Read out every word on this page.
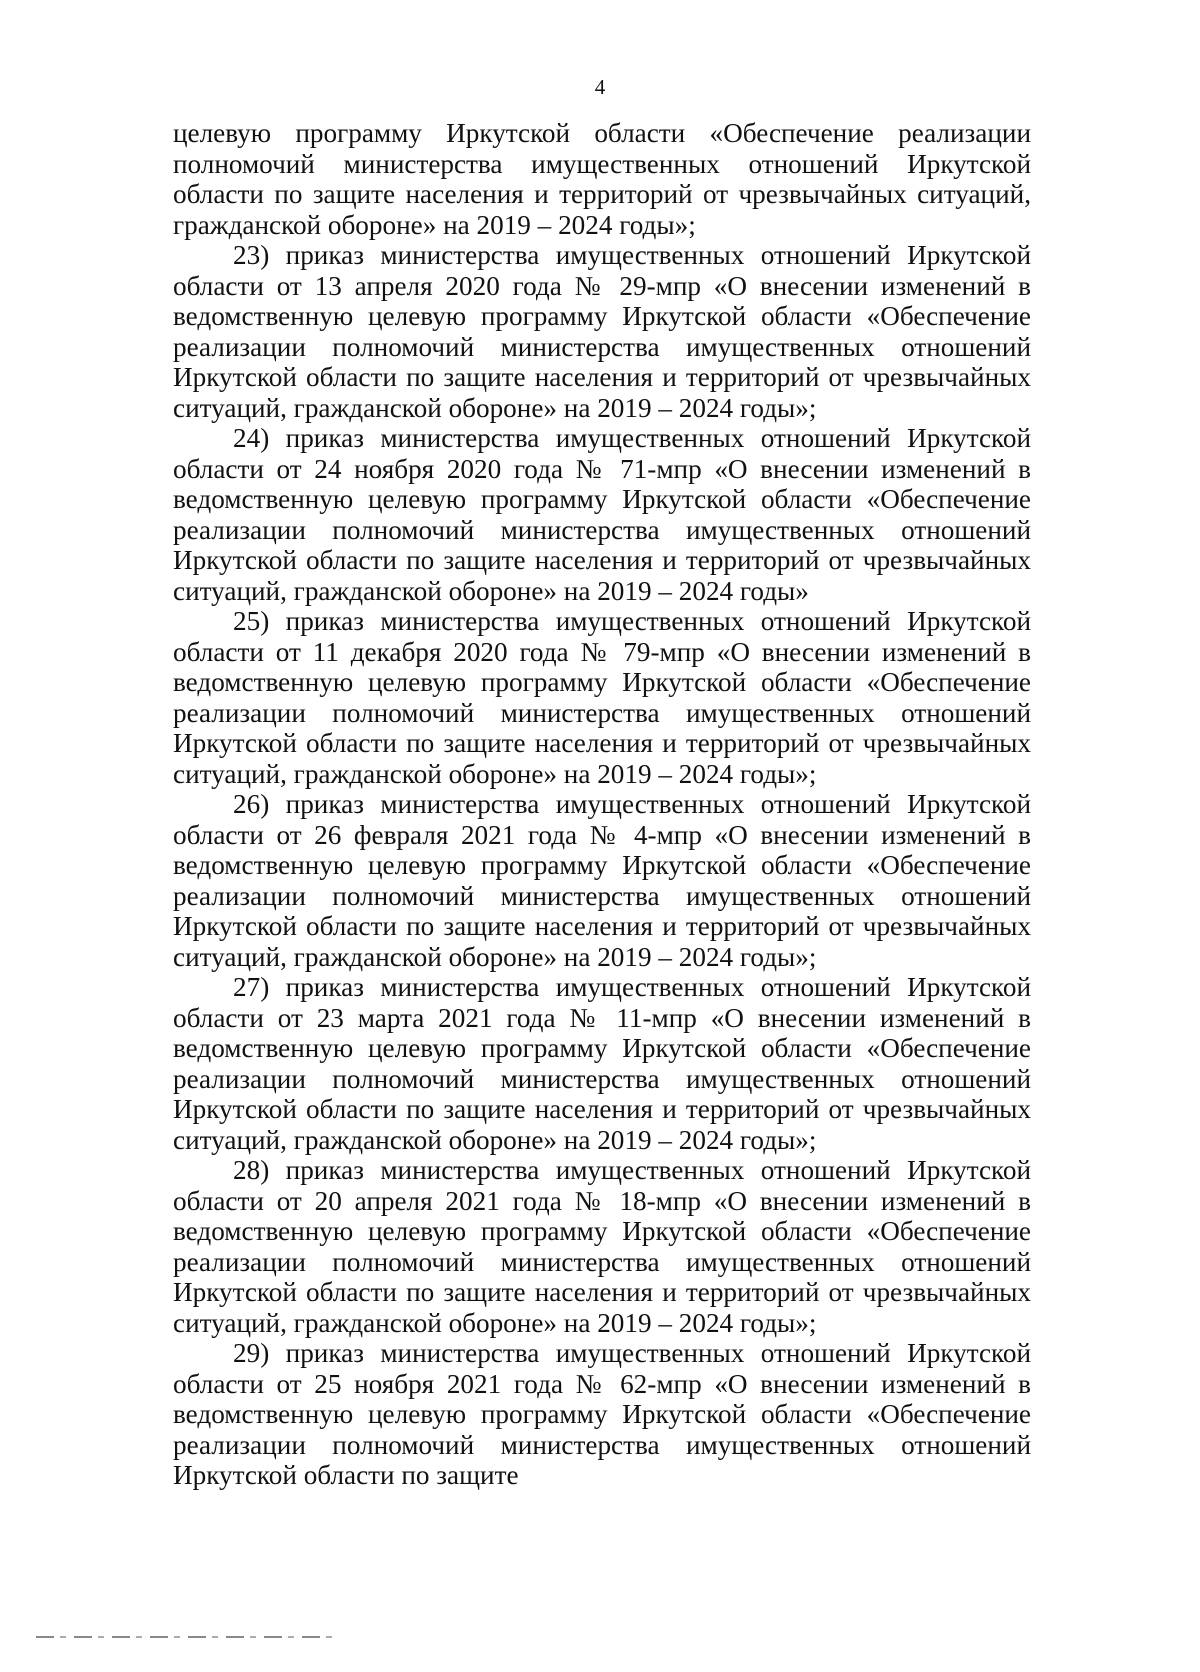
4

целевую программу Иркутской области «Обеспечение реализации полномочий министерства имущественных отношений Иркутской области по защите населения и территорий от чрезвычайных ситуаций, гражданской обороне» на 2019 – 2024 годы»;

23) приказ министерства имущественных отношений Иркутской области от 13 апреля 2020 года № 29-мпр «О внесении изменений в ведомственную целевую программу Иркутской области «Обеспечение реализации полномочий министерства имущественных отношений Иркутской области по защите населения и территорий от чрезвычайных ситуаций, гражданской обороне» на 2019 – 2024 годы»;

24) приказ министерства имущественных отношений Иркутской области от 24 ноября 2020 года № 71-мпр «О внесении изменений в ведомственную целевую программу Иркутской области «Обеспечение реализации полномочий министерства имущественных отношений Иркутской области по защите населения и территорий от чрезвычайных ситуаций, гражданской обороне» на 2019 – 2024 годы»

25) приказ министерства имущественных отношений Иркутской области от 11 декабря 2020 года № 79-мпр «О внесении изменений в ведомственную целевую программу Иркутской области «Обеспечение реализации полномочий министерства имущественных отношений Иркутской области по защите населения и территорий от чрезвычайных ситуаций, гражданской обороне» на 2019 – 2024 годы»;

26) приказ министерства имущественных отношений Иркутской области от 26 февраля 2021 года № 4-мпр «О внесении изменений в ведомственную целевую программу Иркутской области «Обеспечение реализации полномочий министерства имущественных отношений Иркутской области по защите населения и территорий от чрезвычайных ситуаций, гражданской обороне» на 2019 – 2024 годы»;

27) приказ министерства имущественных отношений Иркутской области от 23 марта 2021 года № 11-мпр «О внесении изменений в ведомственную целевую программу Иркутской области «Обеспечение реализации полномочий министерства имущественных отношений Иркутской области по защите населения и территорий от чрезвычайных ситуаций, гражданской обороне» на 2019 – 2024 годы»;

28) приказ министерства имущественных отношений Иркутской области от 20 апреля 2021 года № 18-мпр «О внесении изменений в ведомственную целевую программу Иркутской области «Обеспечение реализации полномочий министерства имущественных отношений Иркутской области по защите населения и территорий от чрезвычайных ситуаций, гражданской обороне» на 2019 – 2024 годы»;

29) приказ министерства имущественных отношений Иркутской области от 25 ноября 2021 года № 62-мпр «О внесении изменений в ведомственную целевую программу Иркутской области «Обеспечение реализации полномочий министерства имущественных отношений Иркутской области по защите
